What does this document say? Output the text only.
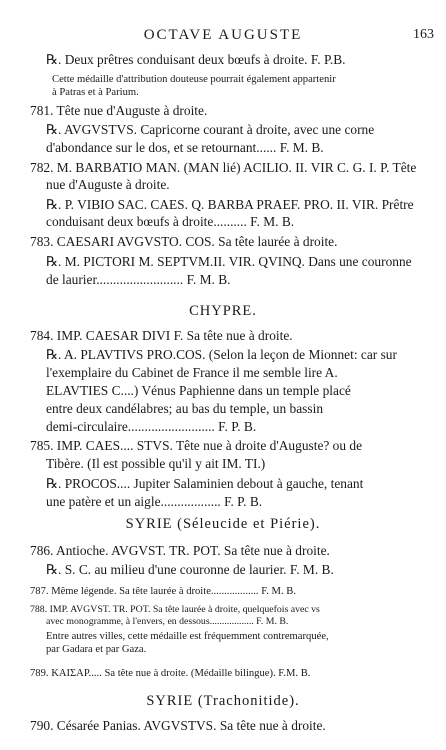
OCTAVE AUGUSTE	163
℞. Deux prêtres conduisant deux bœufs à droite. F. P.B.
Cette médaille d'attribution douteuse pourrait également appartenir
à Patras et à Parium.
781. Tête nue d'Auguste à droite.
℞. AVGVSTVS. Capricorne courant à droite, avec une corne
d'abondance sur le dos, et se retournant...... F. M. B.
782. M. BARBATIO MAN. (MAN lié) ACILIO. II. VIR C. G. I. P. Tête
nue d'Auguste à droite.
℞. P. VIBIO SAC. CAES. Q. BARBA PRAEF. PRO. II. VIR. Prêtre
conduisant deux bœufs à droite.......... F. M. B.
783. CAESARI AVGVSTO. COS. Sa tête laurée à droite.
℞. M. PICTORI M. SEPTVM.II. VIR. QVINQ. Dans une couronne
de laurier.......................... F. M. B.
CHYPRE.
784. IMP. CAESAR DIVI F. Sa tête nue à droite.
℞. A. PLAVTIVS PRO.COS. (Selon la leçon de Mionnet: car sur
l'exemplaire du Cabinet de France il me semble lire A.
ELAVTIES C....) Vénus Paphienne dans un temple placé
entre deux candélabres; au bas du temple, un bassin
demi-circulaire.......................... F. P. B.
785. IMP. CAES.... STVS. Tête nue à droite d'Auguste? ou de
Tibère. (Il est possible qu'il y ait IM. TI.)
℞. PROCOS.... Jupiter Salaminien debout à gauche, tenant
une patère et un aigle.................. F. P. B.
SYRIE (Séleucide et Piérie).
786. Antioche. AVGVST. TR. POT. Sa tête nue à droite.
℞. S. C. au milieu d'une couronne de laurier. F. M. B.
787. Même légende. Sa tête laurée à droite.................. F. M. B.
788. IMP. AVGVST. TR. POT. Sa tête laurée à droite, quelquefois avec vs
avec monogramme, à l'envers, en dessous.................. F. M. B.
Entre autres villes, cette médaille est fréquemment contremarquée,
par Gadara et par Gaza.
789. ΚΑΙΣΑΡ..... Sa tête nue à droite. (Médaille bilingue). F.M. B.
SYRIE (Trachonitide).
790. Césarée Panias. AVGVSTVS. Sa tête nue à droite.
